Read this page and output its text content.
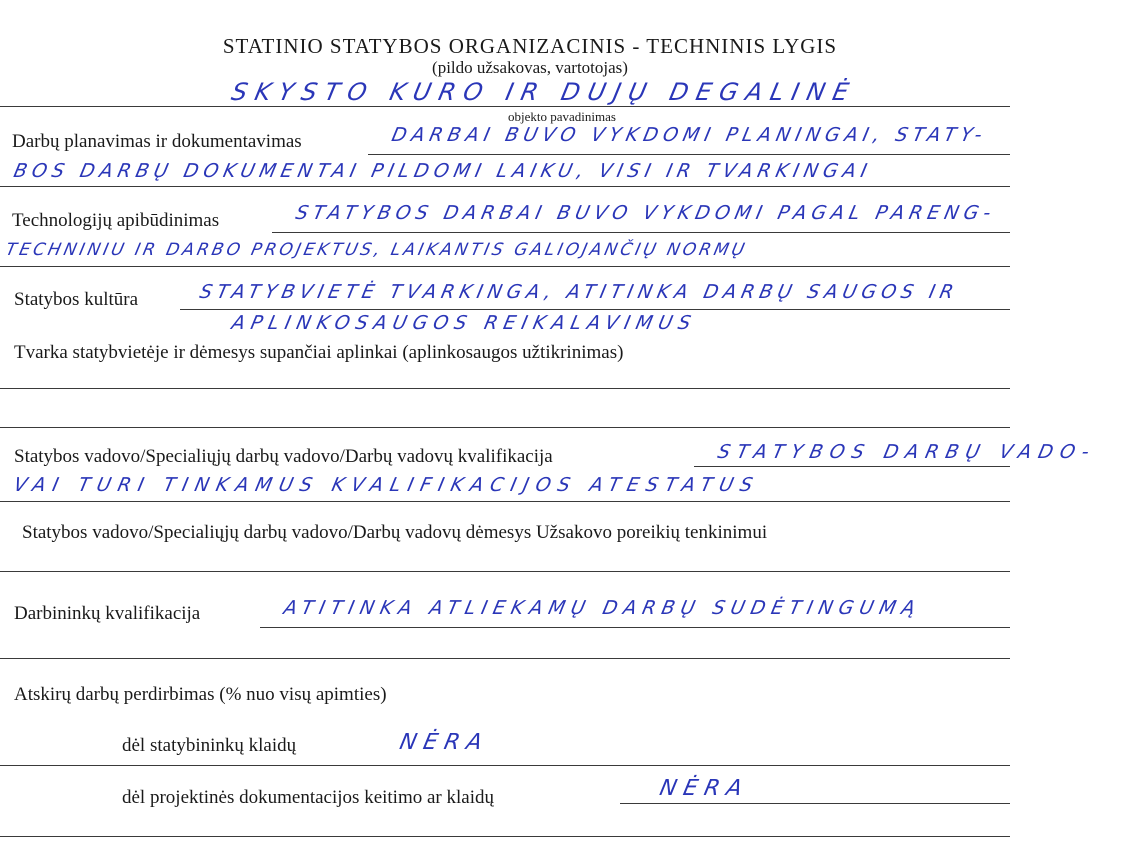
STATINIO STATYBOS ORGANIZACINIS - TECHNINIS LYGIS
(pildo užsakovas, vartotojas)
SKYSTO KURO IR DUJŲ DEGALINĖ
objekto pavadinimas
Darbų planavimas ir dokumentavimas	DARBAI BUVO VYKDOMI PLANINGAI, STATY-
BOS DARBŲ DOKUMENTAI PILDOMI LAIKU, VISI IR TVARKINGAI
Technologijų apibūdinimas	STATYBOS DARBAI BUVO VYKDOMI PAGAL PARENG-
TECHNINIU IR DARBO PROJEKTUS, LAIKANTIS GALIOJANČIŲ NORMŲ
Statybos kultūra	STATYBVIETĖ TVARKINGA, ATITINKA DARBŲ SAUGOS IR
APLINKOSAUGOS REIKALAVIMUS
Tvarka statybvietėje ir dėmesys supančiai aplinkai (aplinkosaugos užtikrinimas)
Statybos vadovo/Specialiųjų darbų vadovo/Darbų vadovų kvalifikacija	STATYBOS DARBŲ VADO-
VAI TURI TINKAMUS KVALIFIKACIJOS ATESTATUS
Statybos vadovo/Specialiųjų darbų vadovo/Darbų vadovų dėmesys Užsakovo poreikių tenkinimui
Darbininkų kvalifikacija	ATITINKA ATLIEKAMŲ DARBŲ SUDĖTINGUMĄ
Atskirų darbų perdirbimas (% nuo visų apimties)
dėl statybininkų klaidų	NĖRA
dėl projektinės dokumentacijos keitimo ar klaidų	NĖRA
